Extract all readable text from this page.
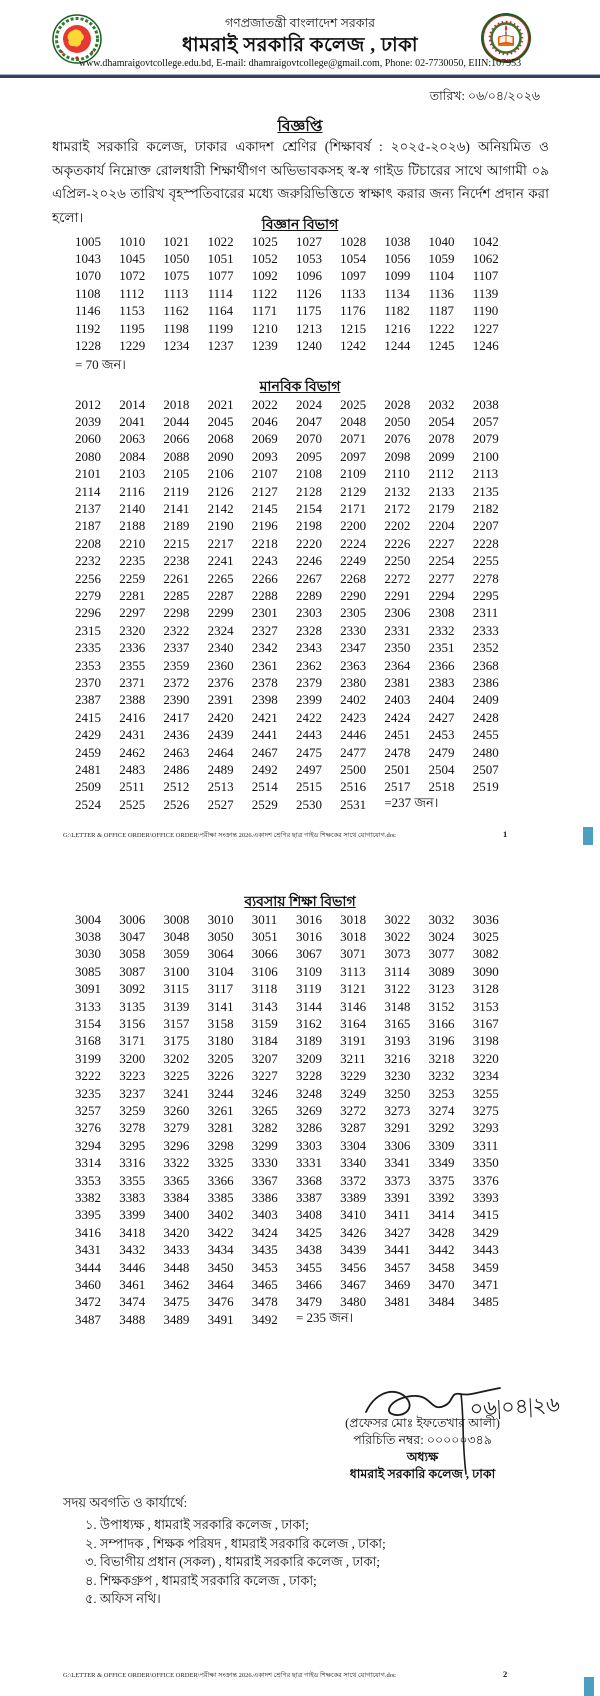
গণপ্রজাতন্ত্রী বাংলাদেশ সরকার
ধামরাই সরকারি কলেজ , ঢাকা
www.dhamraigovtcollege.edu.bd, E-mail: dhamraigovtcollege@gmail.com, Phone: 02-7730050, EIIN:107953
তারিখ: ০৬/০৪/২০২৬
বিজ্ঞপ্তি
ধামরাই সরকারি কলেজ, ঢাকার একাদশ শ্রেণির (শিক্ষাবর্ষ : ২০২৫-২০২৬) অনিয়মিত ও অকৃতকার্য নিম্নোক্ত রোলধারী শিক্ষার্থীগণ অভিভাবকসহ স্ব-স্ব গাইড টিচারের সাথে আগামী ০৯ এপ্রিল-২০২৬ তারিখ বৃহস্পতিবারের মধ্যে জরুরিভিত্তিতে স্বাক্ষাৎ করার জন্য নির্দেশ প্রদান করা হলো।
বিজ্ঞান বিভাগ
1005	1010	1021	1022	1025	1027	1028	1038	1040	1042
1043	1045	1050	1051	1052	1053	1054	1056	1059	1062
1070	1072	1075	1077	1092	1096	1097	1099	1104	1107
1108	1112	1113	1114	1122	1126	1133	1134	1136	1139
1146	1153	1162	1164	1171	1175	1176	1182	1187	1190
1192	1195	1198	1199	1210	1213	1215	1216	1222	1227
1228	1229	1234	1237	1239	1240	1242	1244	1245	1246
= 70 জন।
মানবিক বিভাগ
2012	2014	2018	2021	2022	2024	2025	2028	2032	2038
2039	2041	2044	2045	2046	2047	2048	2050	2054	2057
2060	2063	2066	2068	2069	2070	2071	2076	2078	2079
2080	2084	2088	2090	2093	2095	2097	2098	2099	2100
2101	2103	2105	2106	2107	2108	2109	2110	2112	2113
2114	2116	2119	2126	2127	2128	2129	2132	2133	2135
2137	2140	2141	2142	2145	2154	2171	2172	2179	2182
2187	2188	2189	2190	2196	2198	2200	2202	2204	2207
2208	2210	2215	2217	2218	2220	2224	2226	2227	2228
2232	2235	2238	2241	2243	2246	2249	2250	2254	2255
2256	2259	2261	2265	2266	2267	2268	2272	2277	2278
2279	2281	2285	2287	2288	2289	2290	2291	2294	2295
2296	2297	2298	2299	2301	2303	2305	2306	2308	2311
2315	2320	2322	2324	2327	2328	2330	2331	2332	2333
2335	2336	2337	2340	2342	2343	2347	2350	2351	2352
2353	2355	2359	2360	2361	2362	2363	2364	2366	2368
2370	2371	2372	2376	2378	2379	2380	2381	2383	2386
2387	2388	2390	2391	2398	2399	2402	2403	2404	2409
2415	2416	2417	2420	2421	2422	2423	2424	2427	2428
2429	2431	2436	2439	2441	2443	2446	2451	2453	2455
2459	2462	2463	2464	2467	2475	2477	2478	2479	2480
2481	2483	2486	2489	2492	2497	2500	2501	2504	2507
2509	2511	2512	2513	2514	2515	2516	2517	2518	2519
2524	2525	2526	2527	2529	2530	2531	=237 জন।
G:\LETTER & OFFICE ORDER\OFFICE ORDER\পরীক্ষা সংক্রান্ত 2026.একাদশ শ্রেণির ছাত্র গাইড শিক্ষকের সাথে যোগাযোগ.doc	1
ব্যবসায় শিক্ষা বিভাগ
3004	3006	3008	3010	3011	3016	3018	3022	3032	3036
3038	3047	3048	3050	3051	3016	3018	3022	3024	3025
3030	3058	3059	3064	3066	3067	3071	3073	3077	3082
3085	3087	3100	3104	3106	3109	3113	3114	3089	3090
3091	3092	3115	3117	3118	3119	3121	3122	3123	3128
3133	3135	3139	3141	3143	3144	3146	3148	3152	3153
3154	3156	3157	3158	3159	3162	3164	3165	3166	3167
3168	3171	3175	3180	3184	3189	3191	3193	3196	3198
3199	3200	3202	3205	3207	3209	3211	3216	3218	3220
3222	3223	3225	3226	3227	3228	3229	3230	3232	3234
3235	3237	3241	3244	3246	3248	3249	3250	3253	3255
3257	3259	3260	3261	3265	3269	3272	3273	3274	3275
3276	3278	3279	3281	3282	3286	3287	3291	3292	3293
3294	3295	3296	3298	3299	3303	3304	3306	3309	3311
3314	3316	3322	3325	3330	3331	3340	3341	3349	3350
3353	3355	3365	3366	3367	3368	3372	3373	3375	3376
3382	3383	3384	3385	3386	3387	3389	3391	3392	3393
3395	3399	3400	3402	3403	3408	3410	3411	3414	3415
3416	3418	3420	3422	3424	3425	3426	3427	3428	3429
3431	3432	3433	3434	3435	3438	3439	3441	3442	3443
3444	3446	3448	3450	3453	3455	3456	3457	3458	3459
3460	3461	3462	3464	3465	3466	3467	3469	3470	3471
3472	3474	3475	3476	3478	3479	3480	3481	3484	3485
3487	3488	3489	3491	3492	= 235 জন।
০৬|০৪|২৬
(প্রফেসর মোঃ ইফতেখার আলী)
পরিচিতি নম্বর: ০০০০০৩৪৯
অধ্যক্ষ
ধামরাই সরকারি কলেজ , ঢাকা
সদয় অবগতি ও কার্যার্থে:
১. উপাধ্যক্ষ , ধামরাই সরকারি কলেজ , ঢাকা;
২. সম্পাদক , শিক্ষক পরিষদ , ধামরাই সরকারি কলেজ , ঢাকা;
৩. বিভাগীয় প্রধান (সকল) , ধামরাই সরকারি কলেজ , ঢাকা;
৪. শিক্ষকগ্রুপ , ধামরাই সরকারি কলেজ , ঢাকা;
৫. অফিস নথি।
G:\LETTER & OFFICE ORDER\OFFICE ORDER\পরীক্ষা সংক্রান্ত 2026.একাদশ শ্রেণির ছাত্র গাইড শিক্ষকের সাথে যোগাযোগ.doc	2
